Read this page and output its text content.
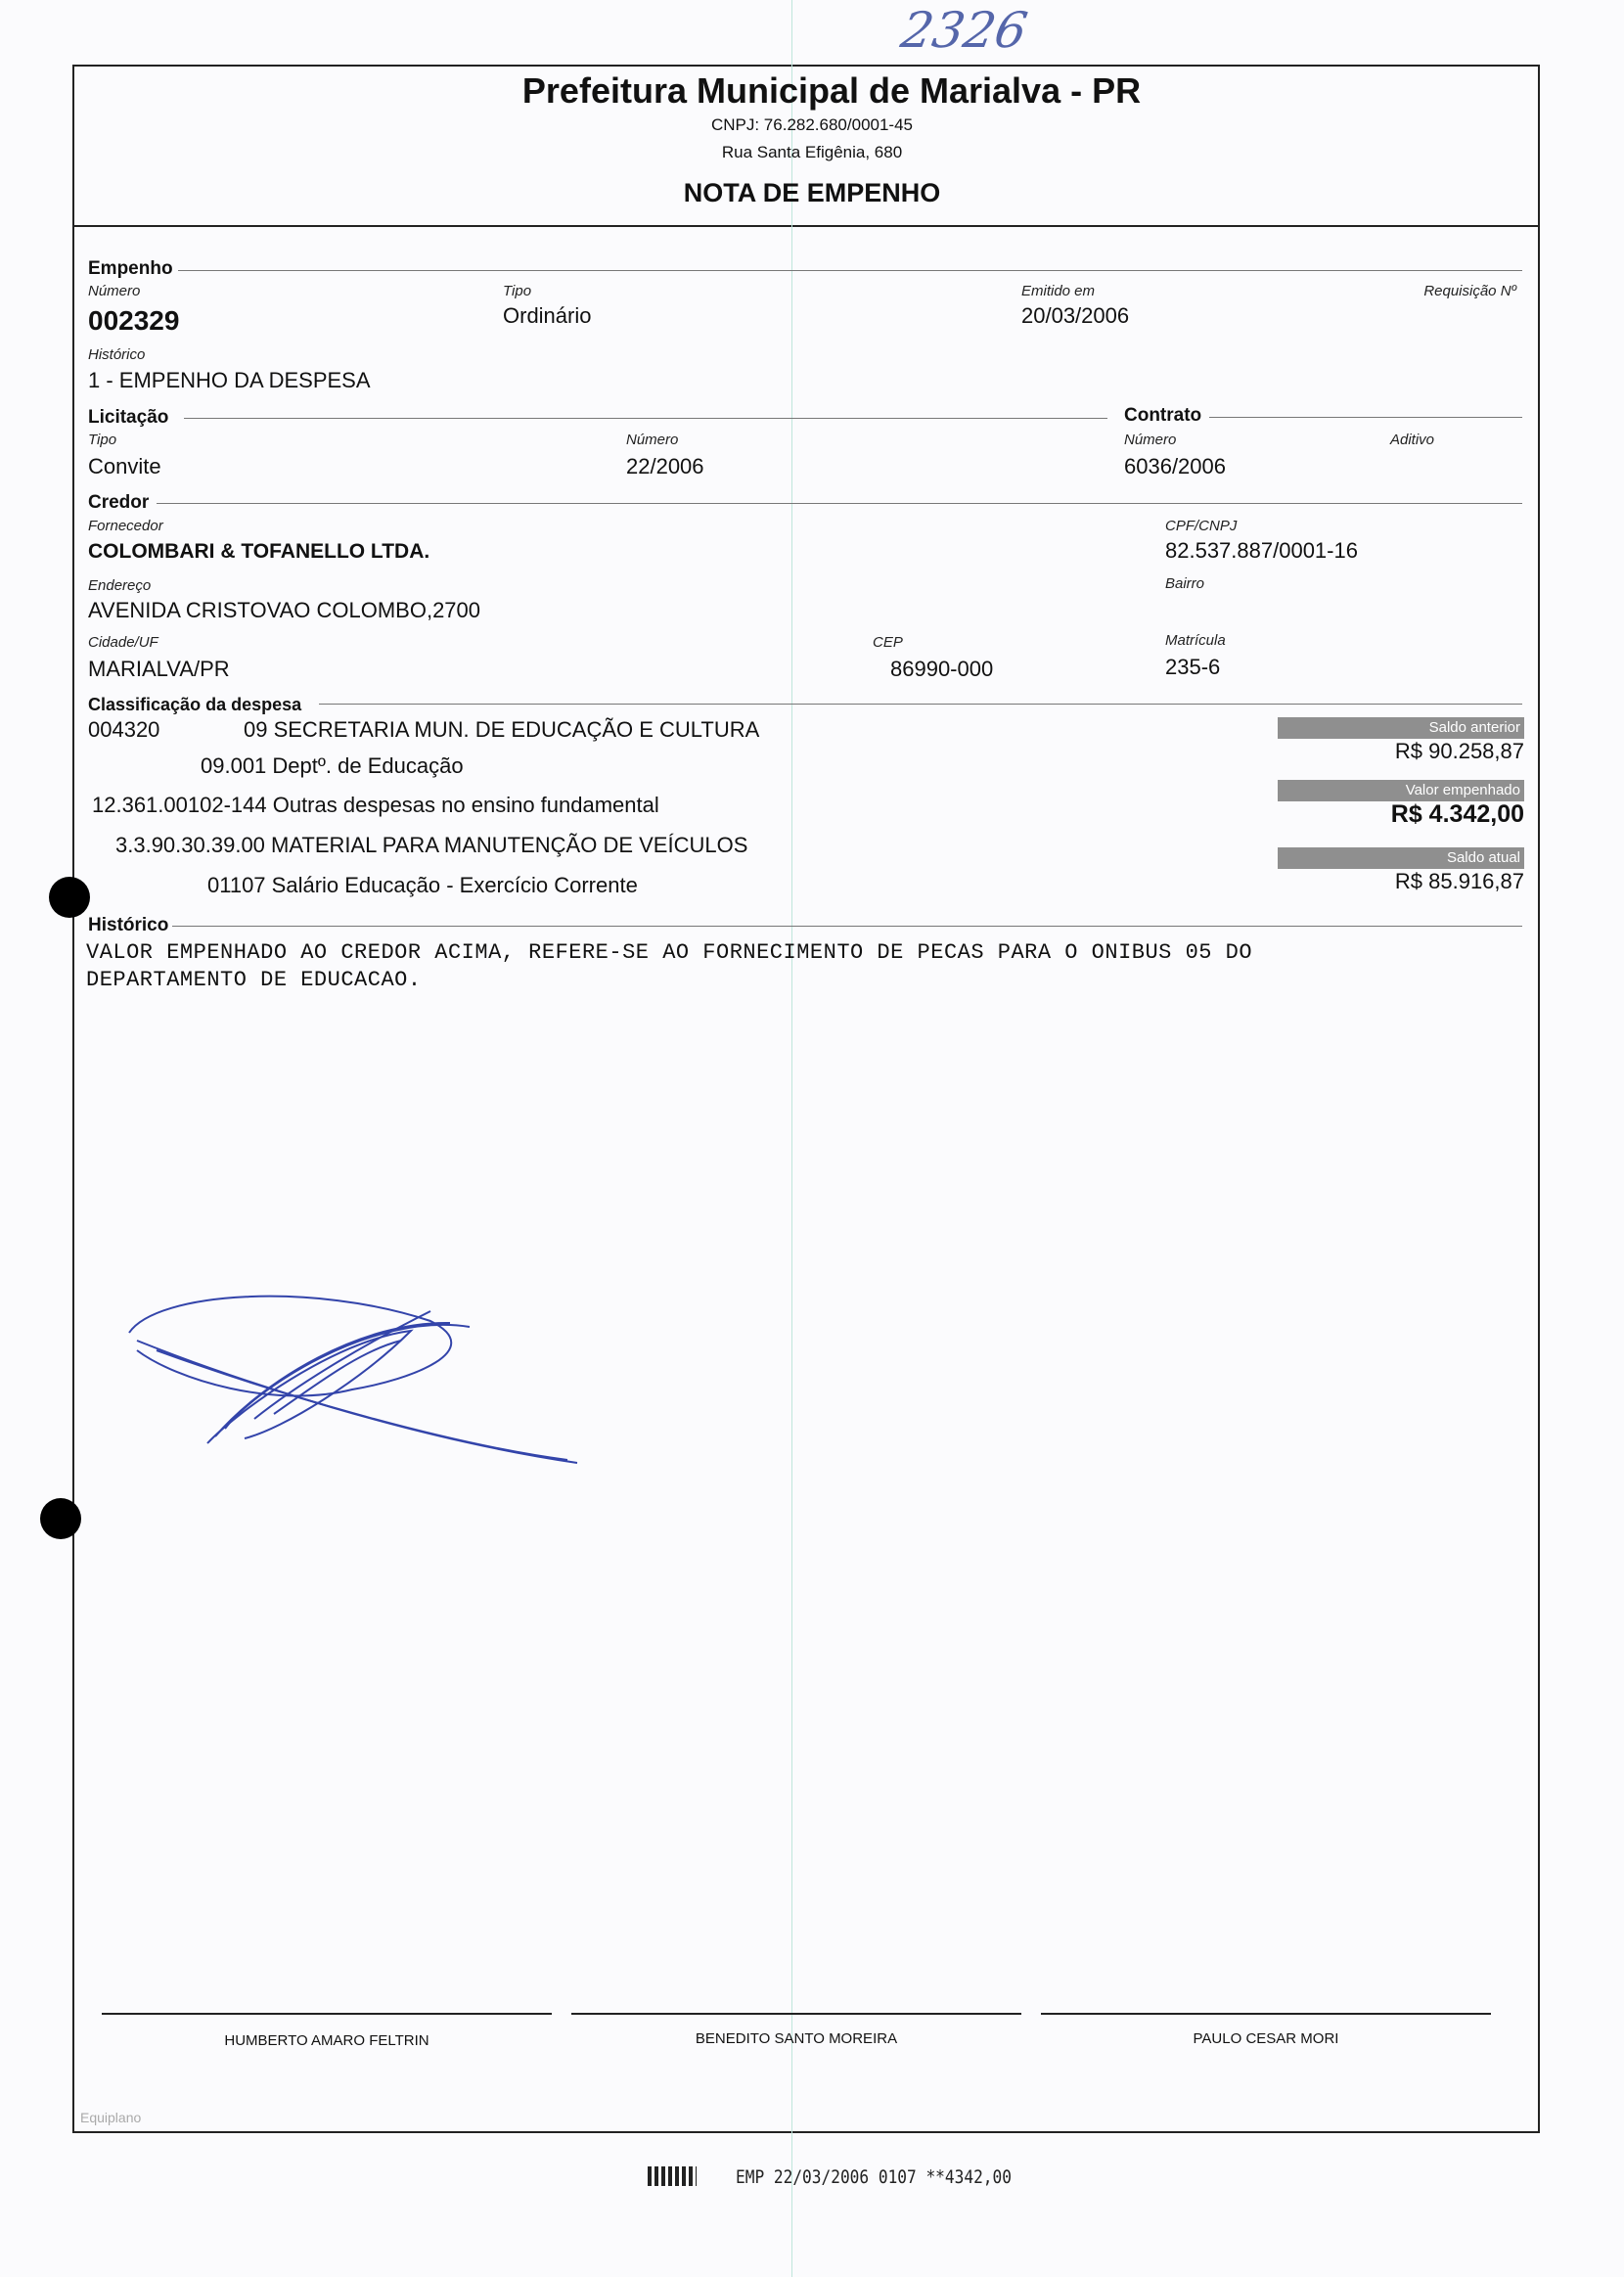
2326
Prefeitura Municipal de Marialva - PR
CNPJ: 76.282.680/0001-45
Rua Santa Efigênia, 680
NOTA DE EMPENHO
Empenho
Número
002329
Tipo
Ordinário
Emitido em
20/03/2006
Requisição Nº
Histórico
1 - EMPENHO DA DESPESA
Licitação	Contrato
Tipo
Convite
Número
22/2006
Número
6036/2006
Aditivo
Credor
Fornecedor
COLOMBARI & TOFANELLO LTDA.
CPF/CNPJ
82.537.887/0001-16
Endereço
AVENIDA CRISTOVAO COLOMBO,2700
Bairro
Cidade/UF
MARIALVA/PR
CEP
86990-000
Matrícula
235-6
Classificação da despesa
004320	09 SECRETARIA MUN. DE EDUCAÇÃO E CULTURA
09.001 Deptº. de Educação
12.361.00102-144 Outras despesas no ensino fundamental
3.3.90.30.39.00 MATERIAL PARA MANUTENÇÃO DE VEÍCULOS
01107 Salário Educação - Exercício Corrente
Saldo anterior
R$ 90.258,87
Valor empenhado
R$ 4.342,00
Saldo atual
R$ 85.916,87
Histórico
VALOR EMPENHADO AO CREDOR ACIMA, REFERE-SE AO FORNECIMENTO DE PECAS PARA O ONIBUS 05 DO
DEPARTAMENTO DE EDUCACAO.
HUMBERTO AMARO FELTRIN	BENEDITO SANTO MOREIRA	PAULO CESAR MORI
Equiplano
EMP 22/03/2006 0107 **4342,00
